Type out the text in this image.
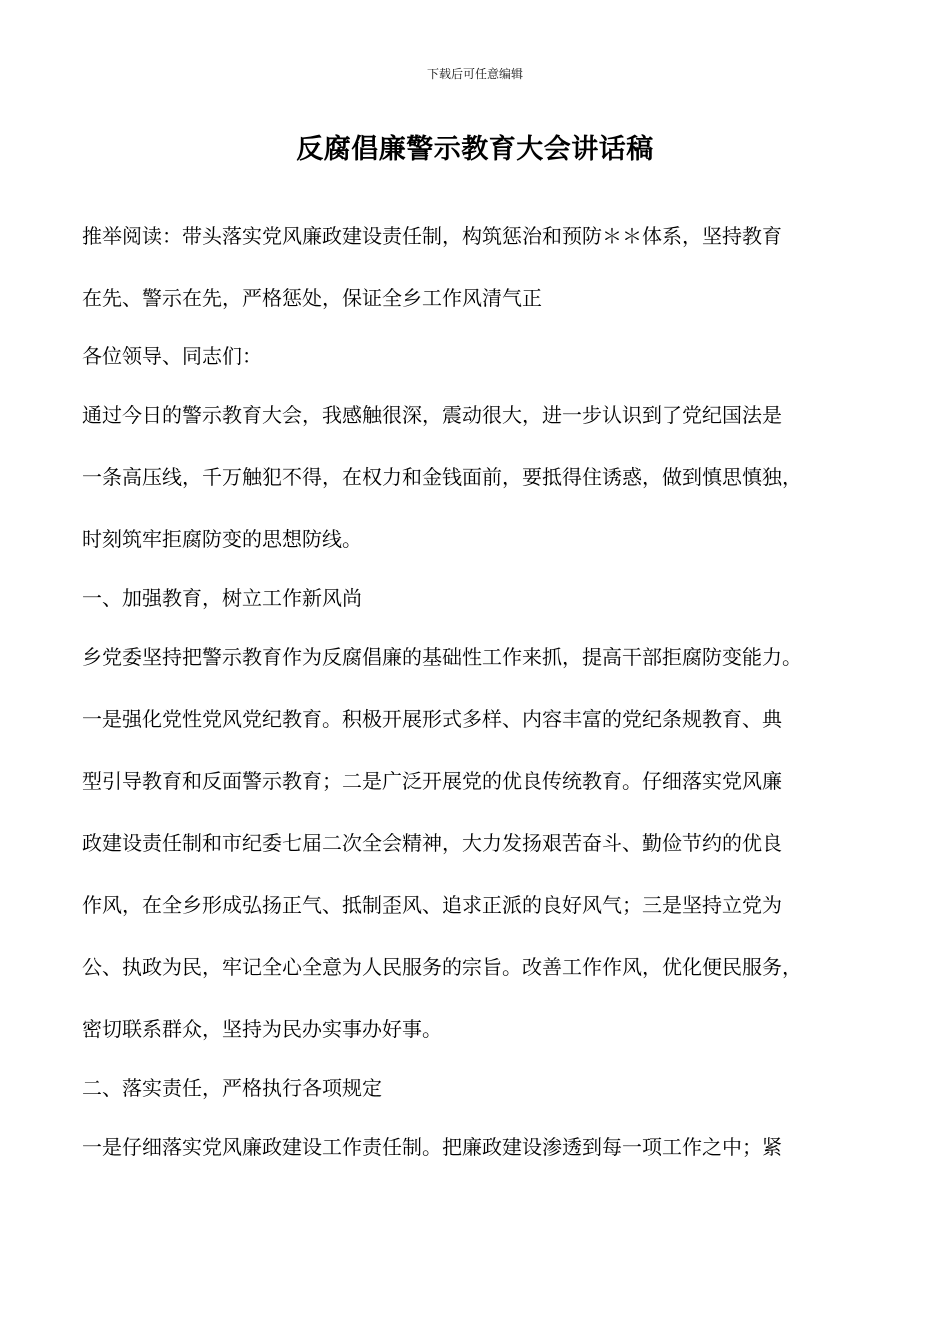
下载后可任意编辑
反腐倡廉警示教育大会讲话稿
推举阅读：带头落实党风廉政建设责任制，构筑惩治和预防＊＊体系，坚持教育
在先、警示在先，严格惩处，保证全乡工作风清气正
各位领导、同志们：
通过今日的警示教育大会，我感触很深，震动很大，进一步认识到了党纪国法是
一条高压线，千万触犯不得，在权力和金钱面前，要抵得住诱惑，做到慎思慎独，
时刻筑牢拒腐防变的思想防线。
一、加强教育，树立工作新风尚
乡党委坚持把警示教育作为反腐倡廉的基础性工作来抓，提高干部拒腐防变能力。
一是强化党性党风党纪教育。积极开展形式多样、内容丰富的党纪条规教育、典
型引导教育和反面警示教育；二是广泛开展党的优良传统教育。仔细落实党风廉
政建设责任制和市纪委七届二次全会精神，大力发扬艰苦奋斗、勤俭节约的优良
作风，在全乡形成弘扬正气、抵制歪风、追求正派的良好风气；三是坚持立党为
公、执政为民，牢记全心全意为人民服务的宗旨。改善工作作风，优化便民服务，
密切联系群众，坚持为民办实事办好事。
二、落实责任，严格执行各项规定
一是仔细落实党风廉政建设工作责任制。把廉政建设渗透到每一项工作之中；紧
